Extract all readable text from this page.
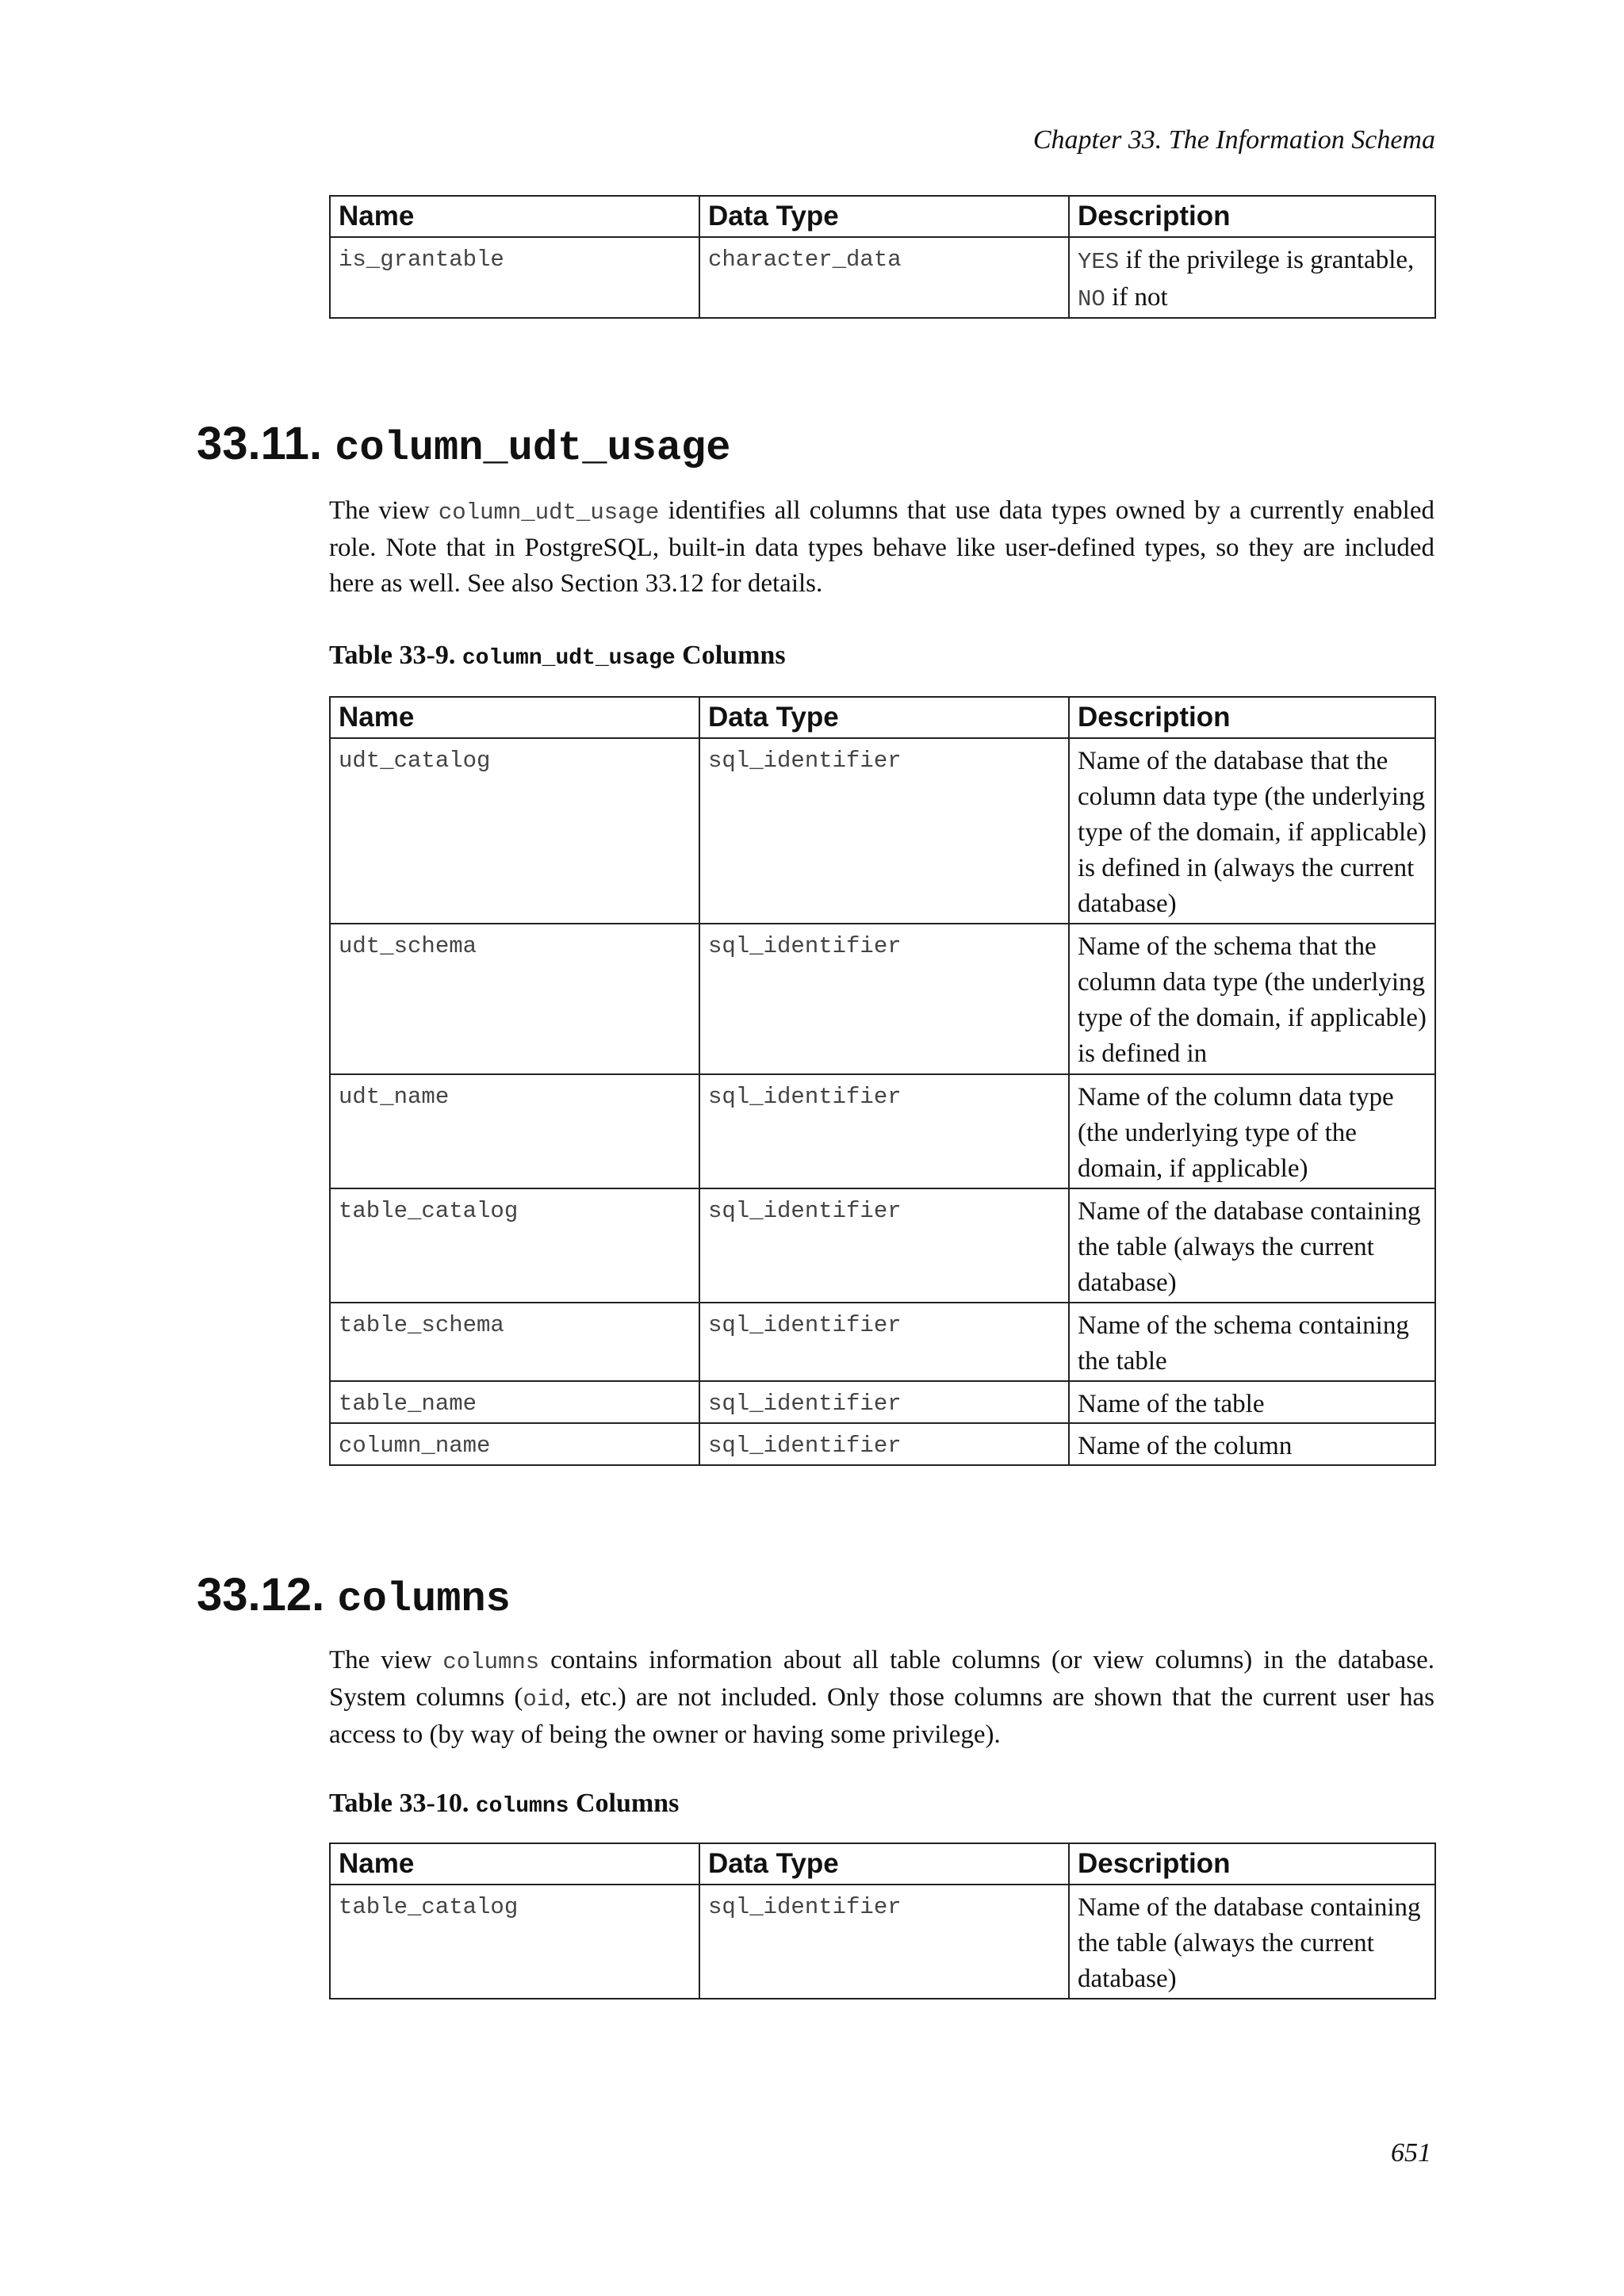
Chapter 33. The Information Schema
Name	Data Type	Description
is_grantable	character_data	YES if the privilege is grantable, NO if not
33.11. column_udt_usage
The view column_udt_usage identifies all columns that use data types owned by a currently enabled role. Note that in PostgreSQL, built-in data types behave like user-defined types, so they are included here as well. See also Section 33.12 for details.
Table 33-9. column_udt_usage Columns
Name	Data Type	Description
udt_catalog	sql_identifier	Name of the database that the column data type (the underlying type of the domain, if applicable) is defined in (always the current database)
udt_schema	sql_identifier	Name of the schema that the column data type (the underlying type of the domain, if applicable) is defined in
udt_name	sql_identifier	Name of the column data type (the underlying type of the domain, if applicable)
table_catalog	sql_identifier	Name of the database containing the table (always the current database)
table_schema	sql_identifier	Name of the schema containing the table
table_name	sql_identifier	Name of the table
column_name	sql_identifier	Name of the column
33.12. columns
The view columns contains information about all table columns (or view columns) in the database. System columns (oid, etc.) are not included. Only those columns are shown that the current user has access to (by way of being the owner or having some privilege).
Table 33-10. columns Columns
Name	Data Type	Description
table_catalog	sql_identifier	Name of the database containing the table (always the current database)
651
